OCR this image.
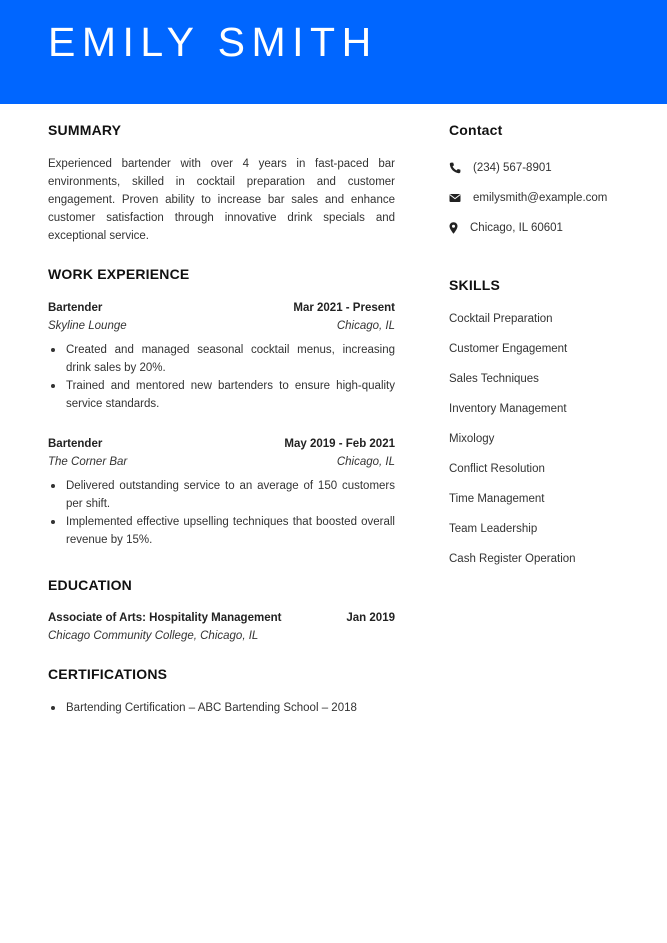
EMILY SMITH
SUMMARY
Experienced bartender with over 4 years in fast-paced bar environments, skilled in cocktail preparation and customer engagement. Proven ability to increase bar sales and enhance customer satisfaction through innovative drink specials and exceptional service.
WORK EXPERIENCE
Bartender	Mar 2021 - Present
Skyline Lounge	Chicago, IL
Created and managed seasonal cocktail menus, increasing drink sales by 20%.
Trained and mentored new bartenders to ensure high-quality service standards.
Bartender	May 2019 - Feb 2021
The Corner Bar	Chicago, IL
Delivered outstanding service to an average of 150 customers per shift.
Implemented effective upselling techniques that boosted overall revenue by 15%.
EDUCATION
Associate of Arts: Hospitality Management	Jan 2019
Chicago Community College, Chicago, IL
CERTIFICATIONS
Bartending Certification – ABC Bartending School – 2018
Contact
(234) 567-8901
emilysmith@example.com
Chicago, IL 60601
SKILLS
Cocktail Preparation
Customer Engagement
Sales Techniques
Inventory Management
Mixology
Conflict Resolution
Time Management
Team Leadership
Cash Register Operation
